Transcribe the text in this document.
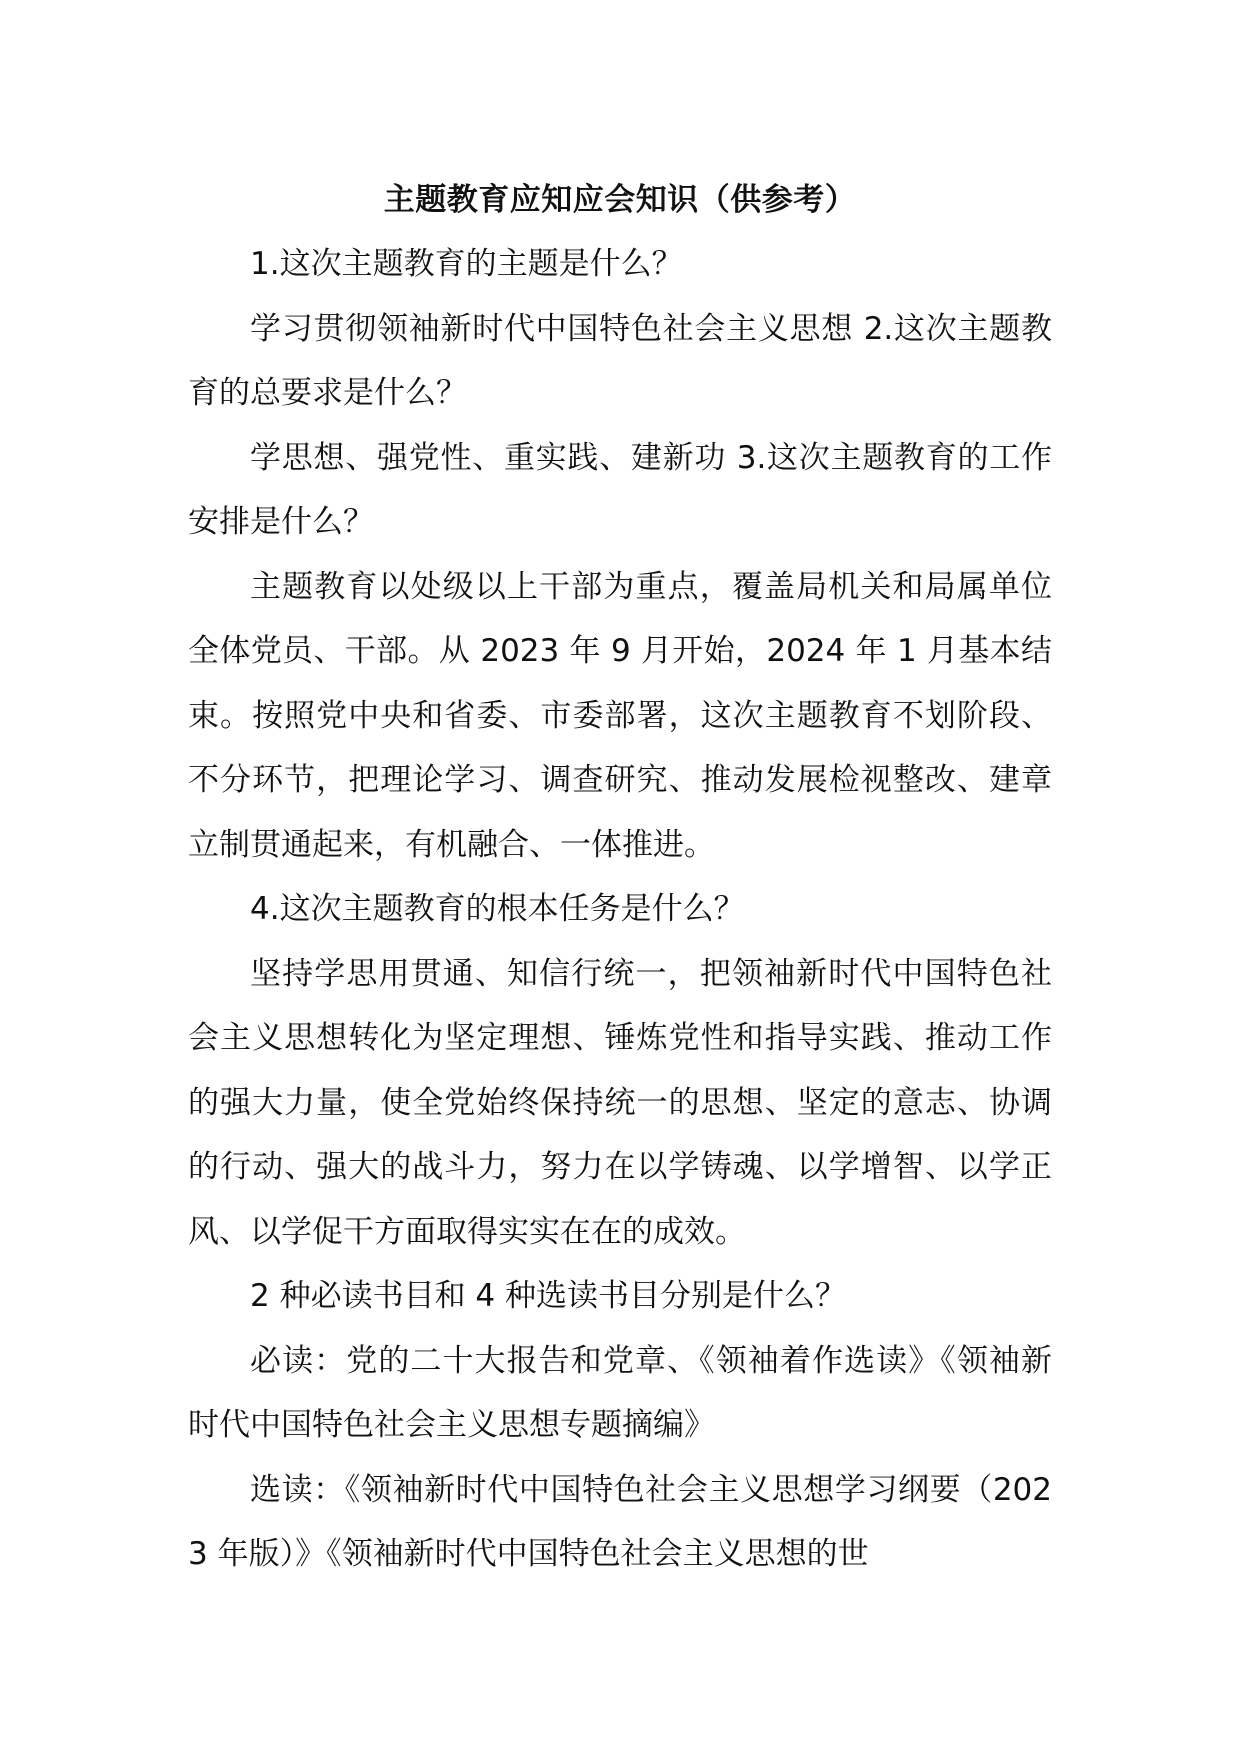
主题教育应知应会知识（供参考）

1.这次主题教育的主题是什么？

学习贯彻领袖新时代中国特色社会主义思想 2.这次主题教育的总要求是什么？

学思想、强党性、重实践、建新功 3.这次主题教育的工作安排是什么？

主题教育以处级以上干部为重点，覆盖局机关和局属单位全体党员、干部。从 2023 年 9 月开始，2024 年 1 月基本结束。按照党中央和省委、市委部署，这次主题教育不划阶段、不分环节，把理论学习、调查研究、推动发展检视整改、建章立制贯通起来，有机融合、一体推进。

4.这次主题教育的根本任务是什么？

坚持学思用贯通、知信行统一，把领袖新时代中国特色社会主义思想转化为坚定理想、锤炼党性和指导实践、推动工作的强大力量，使全党始终保持统一的思想、坚定的意志、协调的行动、强大的战斗力，努力在以学铸魂、以学增智、以学正风、以学促干方面取得实实在在的成效。

2 种必读书目和 4 种选读书目分别是什么？

必读：党的二十大报告和党章、《领袖着作选读》《领袖新时代中国特色社会主义思想专题摘编》

选读：《领袖新时代中国特色社会主义思想学习纲要（2023 年版）》《领袖新时代中国特色社会主义思想的世
